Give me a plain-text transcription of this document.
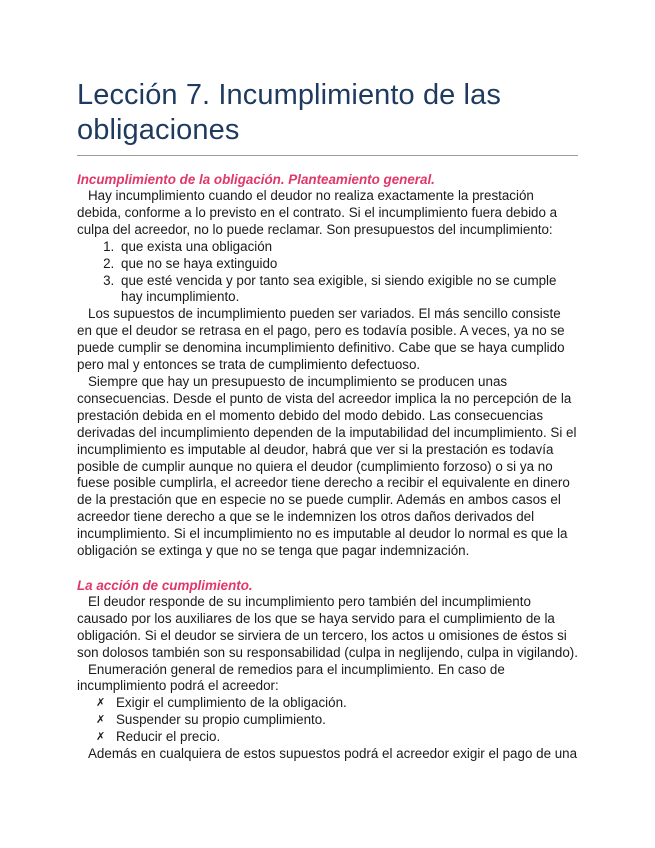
Lección 7. Incumplimiento de las obligaciones
Incumplimiento de la obligación. Planteamiento general.

Hay incumplimiento cuando el deudor no realiza exactamente la prestación debida, conforme a lo previsto en el contrato. Si el incumplimiento fuera debido a culpa del acreedor, no lo puede reclamar. Son presupuestos del incumplimiento:

1. que exista una obligación
2. que no se haya extinguido
3. que esté vencida y por tanto sea exigible, si siendo exigible no se cumple hay incumplimiento.

Los supuestos de incumplimiento pueden ser variados. El más sencillo consiste en que el deudor se retrasa en el pago, pero es todavía posible. A veces, ya no se puede cumplir se denomina incumplimiento definitivo. Cabe que se haya cumplido pero mal y entonces se trata de cumplimiento defectuoso.

Siempre que hay un presupuesto de incumplimiento se producen unas consecuencias. Desde el punto de vista del acreedor implica la no percepción de la prestación debida en el momento debido del modo debido. Las consecuencias derivadas del incumplimiento dependen de la imputabilidad del incumplimiento. Si el incumplimiento es imputable al deudor, habrá que ver si la prestación es todavía posible de cumplir aunque no quiera el deudor (cumplimiento forzoso) o si ya no fuese posible cumplirla, el acreedor tiene derecho a recibir el equivalente en dinero de la prestación que en especie no se puede cumplir. Además en ambos casos el acreedor tiene derecho a que se le indemnizen los otros daños derivados del incumplimiento. Si el incumplimiento no es imputable al deudor lo normal es que la obligación se extinga y que no se tenga que pagar indemnización.

La acción de cumplimiento.

El deudor responde de su incumplimiento pero también del incumplimiento causado por los auxiliares de los que se haya servido para el cumplimiento de la obligación. Si el deudor se sirviera de un tercero, los actos u omisiones de éstos si son dolosos también son su responsabilidad (culpa in neglijendo, culpa in vigilando).

Enumeración general de remedios para el incumplimiento. En caso de incumplimiento podrá el acreedor:

✗ Exigir el cumplimiento de la obligación.
✗ Suspender su propio cumplimiento.
✗ Reducir el precio.

Además en cualquiera de estos supuestos podrá el acreedor exigir el pago de una
